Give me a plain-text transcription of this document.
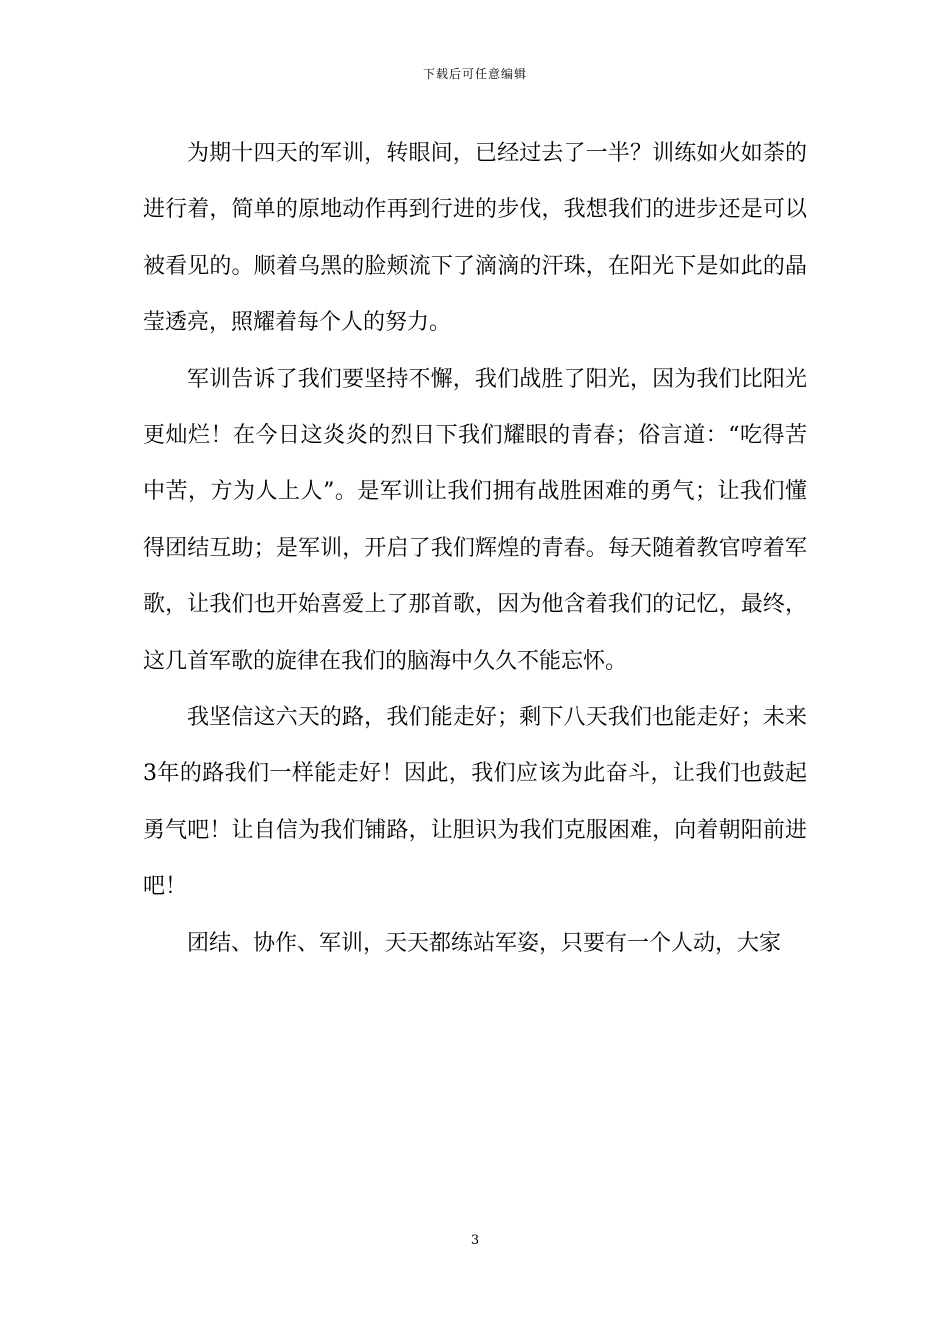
下载后可任意编辑

为期十四天的军训，转眼间，已经过去了一半？训练如火如荼的进行着，简单的原地动作再到行进的步伐，我想我们的进步还是可以被看见的。顺着乌黑的脸颊流下了滴滴的汗珠，在阳光下是如此的晶莹透亮，照耀着每个人的努力。

军训告诉了我们要坚持不懈，我们战胜了阳光，因为我们比阳光更灿烂！在今日这炎炎的烈日下我们耀眼的青春；俗言道：“吃得苦中苦，方为人上人”。是军训让我们拥有战胜困难的勇气；让我们懂得团结互助；是军训，开启了我们辉煌的青春。每天随着教官哼着军歌，让我们也开始喜爱上了那首歌，因为他含着我们的记忆，最终，这几首军歌的旋律在我们的脑海中久久不能忘怀。

我坚信这六天的路，我们能走好；剩下八天我们也能走好；未来3年的路我们一样能走好！因此，我们应该为此奋斗，让我们也鼓起勇气吧！让自信为我们铺路，让胆识为我们克服困难，向着朝阳前进吧！

团结、协作、军训，天天都练站军姿，只要有一个人动，大家

3
